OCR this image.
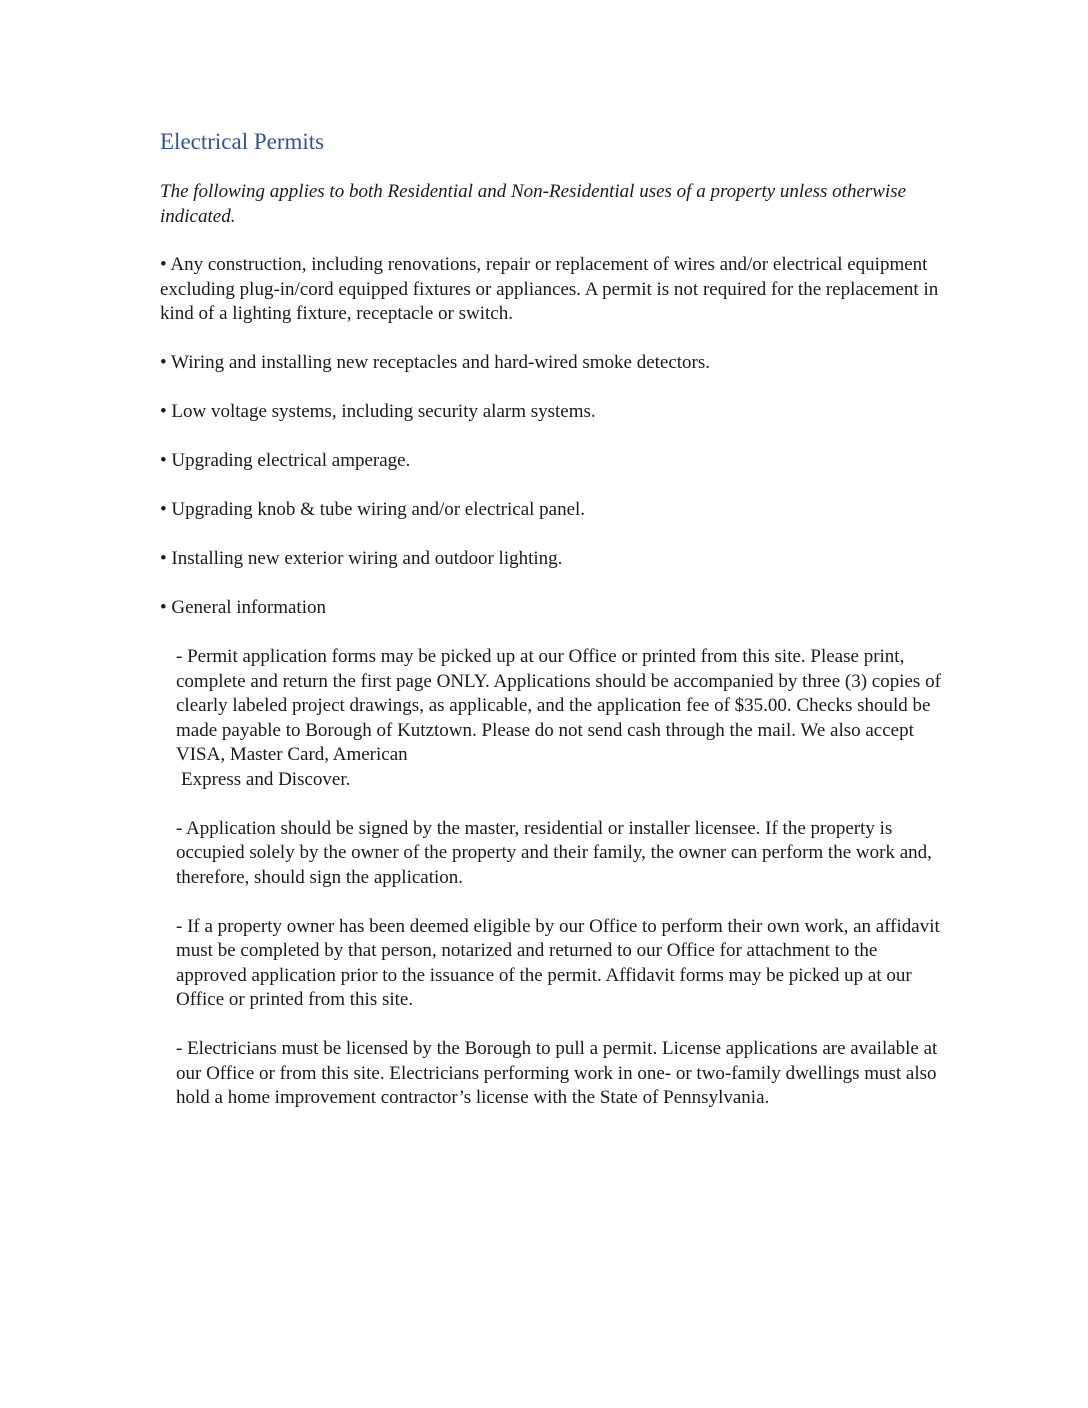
Electrical Permits

The following applies to both Residential and Non-Residential uses of a property unless otherwise indicated.

• Any construction, including renovations, repair or replacement of wires and/or electrical equipment excluding plug-in/cord equipped fixtures or appliances. A permit is not required for the replacement in kind of a lighting fixture, receptacle or switch.

• Wiring and installing new receptacles and hard-wired smoke detectors.

• Low voltage systems, including security alarm systems.

• Upgrading electrical amperage.

• Upgrading knob & tube wiring and/or electrical panel.

• Installing new exterior wiring and outdoor lighting.

• General information

- Permit application forms may be picked up at our Office or printed from this site. Please print, complete and return the first page ONLY. Applications should be accompanied by three (3) copies of clearly labeled project drawings, as applicable, and the application fee of $35.00. Checks should be made payable to Borough of Kutztown. Please do not send cash through the mail. We also accept VISA, Master Card, American
Express and Discover.

- Application should be signed by the master, residential or installer licensee. If the property is occupied solely by the owner of the property and their family, the owner can perform the work and, therefore, should sign the application.

- If a property owner has been deemed eligible by our Office to perform their own work, an affidavit must be completed by that person, notarized and returned to our Office for attachment to the approved application prior to the issuance of the permit. Affidavit forms may be picked up at our Office or printed from this site.

- Electricians must be licensed by the Borough to pull a permit. License applications are available at our Office or from this site. Electricians performing work in one- or two-family dwellings must also hold a home improvement contractor’s license with the State of Pennsylvania.
